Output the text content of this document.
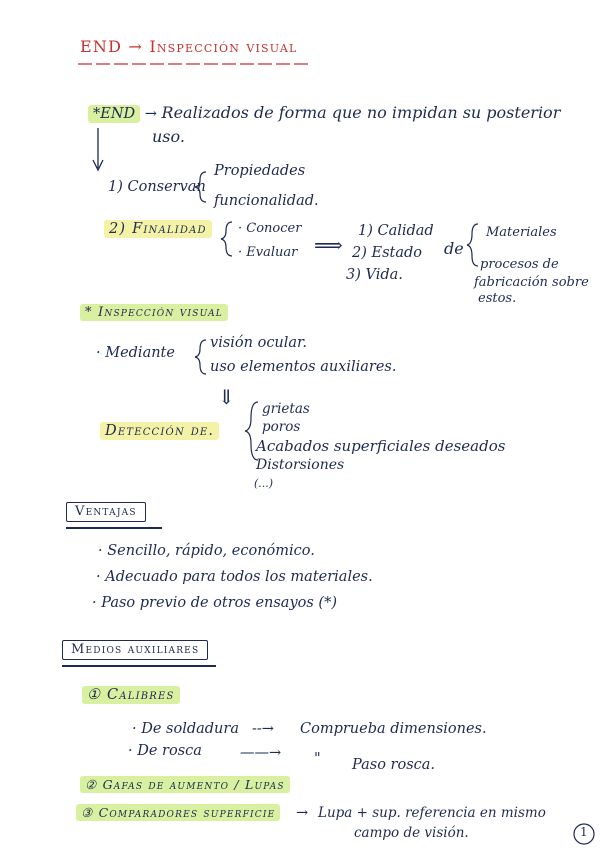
END → Inspección visual
*END → Realizados de forma que no impidan su posterior
uso.
1) Conservan
Propiedades
funcionalidad.
2) Finalidad	· Conocer
· Evaluar ⟹
1) Calidad
2) Estado
3) Vida.
de
Materiales
procesos de
fabricación sobre
estos.
* Inspección visual
· Mediante
visión ocular.
uso elementos auxiliares.
⇓
Detección de.
grietas
poros
Acabados superficiales deseados
Distorsiones
(...)
Ventajas
· Sencillo, rápido, económico.
· Adecuado para todos los materiales.
· Paso previo de otros ensayos (*)
Medios auxiliares
① Calibres
· De soldadura --→ Comprueba dimensiones.
· De rosca	——→ " Paso rosca.
② Gafas de aumento / Lupas
③ Comparadores superficie	→ Lupa + sup. referencia en mismo
campo de visión.	1
